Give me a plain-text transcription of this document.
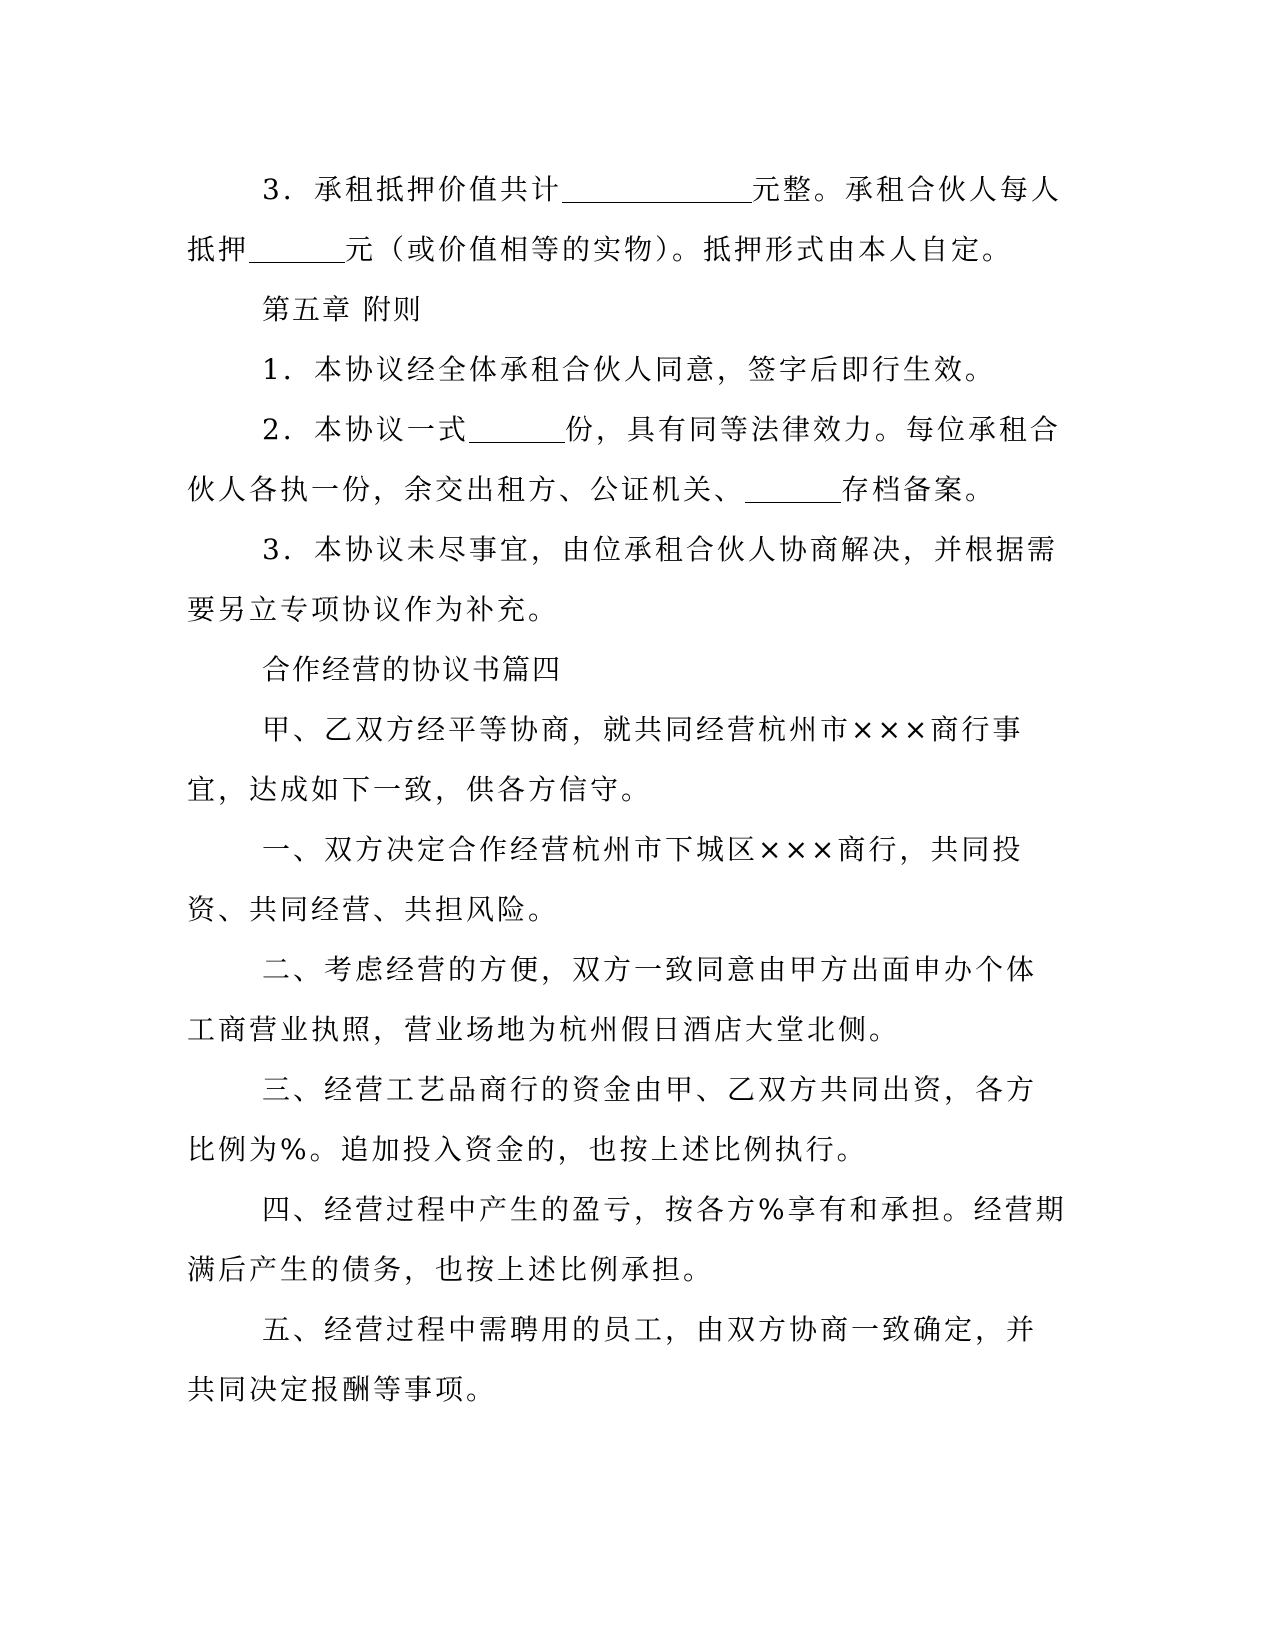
3．承租抵押价值共计	元整。承租合伙人每人抵押	元（或价值相等的实物）。抵押形式由本人自定。

第五章 附则

1．本协议经全体承租合伙人同意，签字后即行生效。

2．本协议一式	份，具有同等法律效力。每位承租合伙人各执一份，余交出租方、公证机关、	存档备案。

3．本协议未尽事宜，由位承租合伙人协商解决，并根据需要另立专项协议作为补充。

合作经营的协议书篇四

甲、乙双方经平等协商，就共同经营杭州市×××商行事宜，达成如下一致，供各方信守。

一、双方决定合作经营杭州市下城区×××商行，共同投资、共同经营、共担风险。

二、考虑经营的方便，双方一致同意由甲方出面申办个体工商营业执照，营业场地为杭州假日酒店大堂北侧。

三、经营工艺品商行的资金由甲、乙双方共同出资，各方比例为%。追加投入资金的，也按上述比例执行。

四、经营过程中产生的盈亏，按各方%享有和承担。经营期满后产生的债务，也按上述比例承担。

五、经营过程中需聘用的员工，由双方协商一致确定，并共同决定报酬等事项。
